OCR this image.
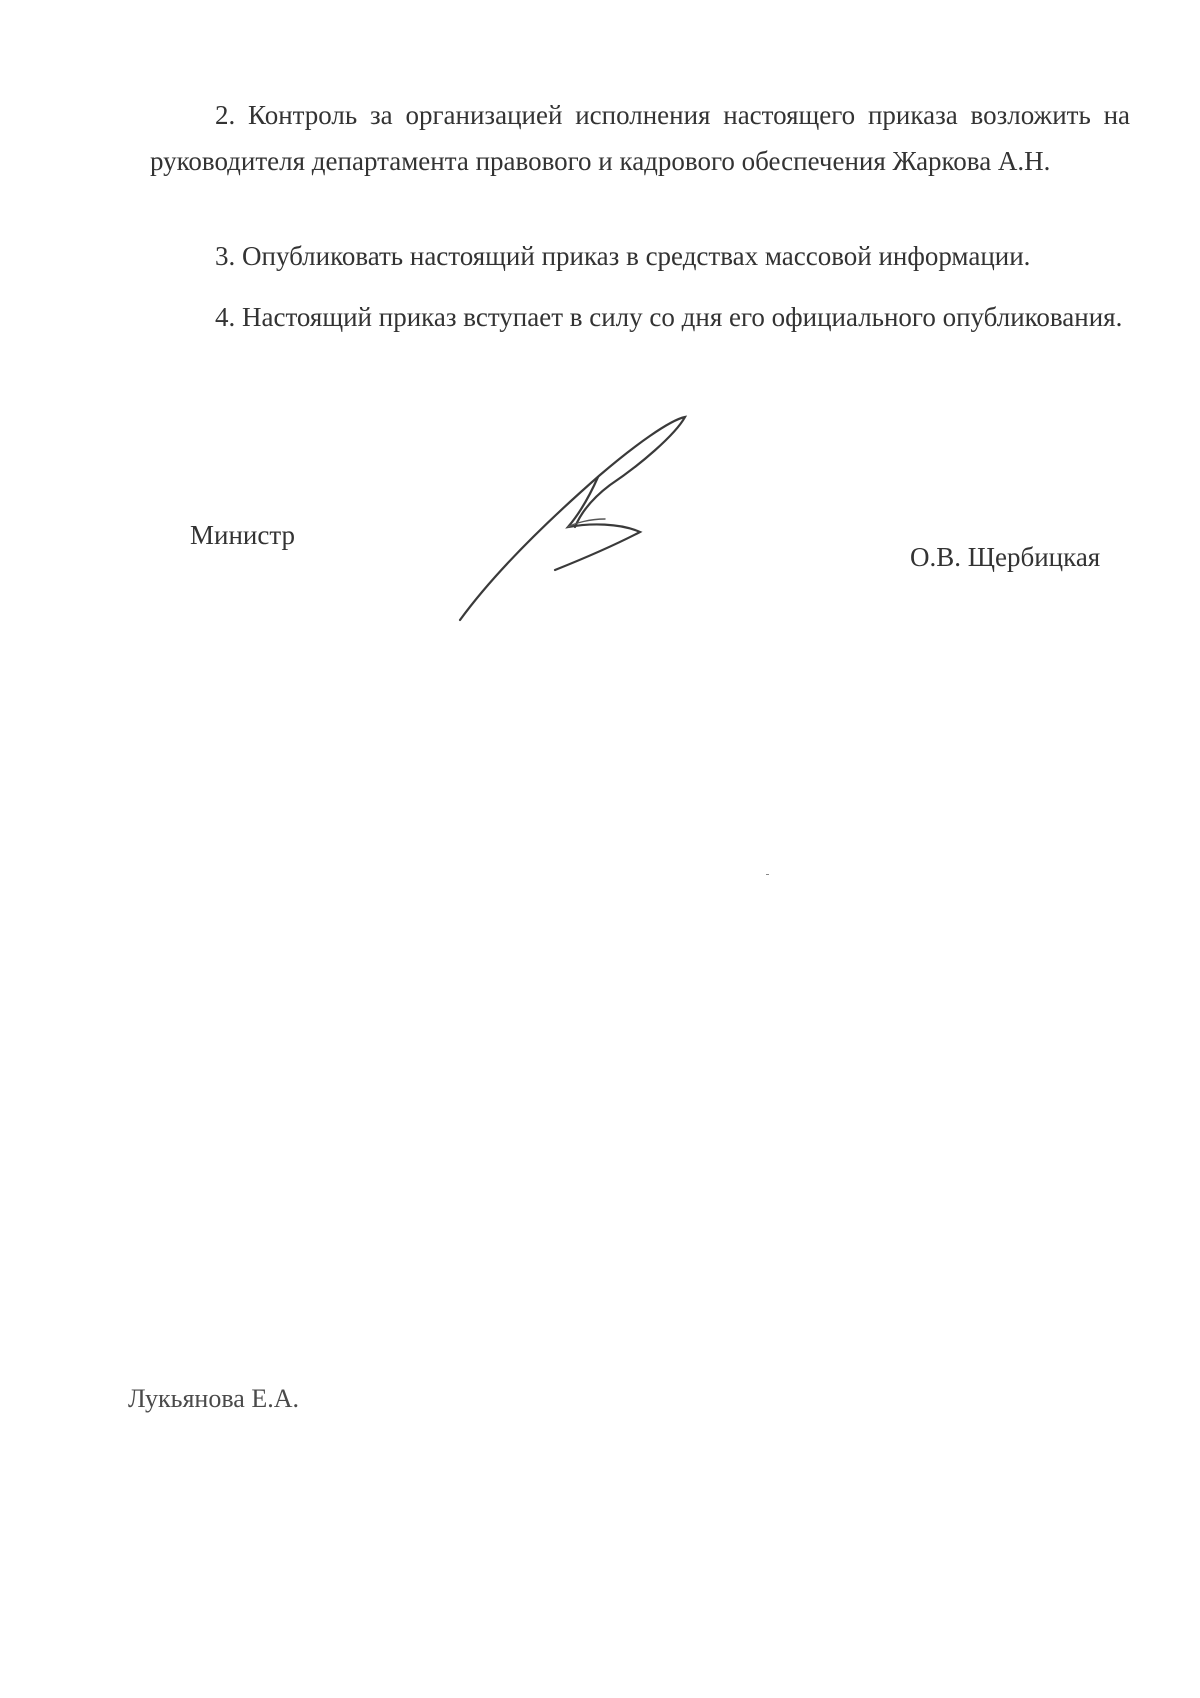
2. Контроль за организацией исполнения настоящего приказа возложить на руководителя департамента правового и кадрового обеспечения Жаркова А.Н.

3. Опубликовать настоящий приказ в средствах массовой информации.

4. Настоящий приказ вступает в силу со дня его официального опубликования.

Министр
О.В. Щербицкая
Лукьянова Е.А.
